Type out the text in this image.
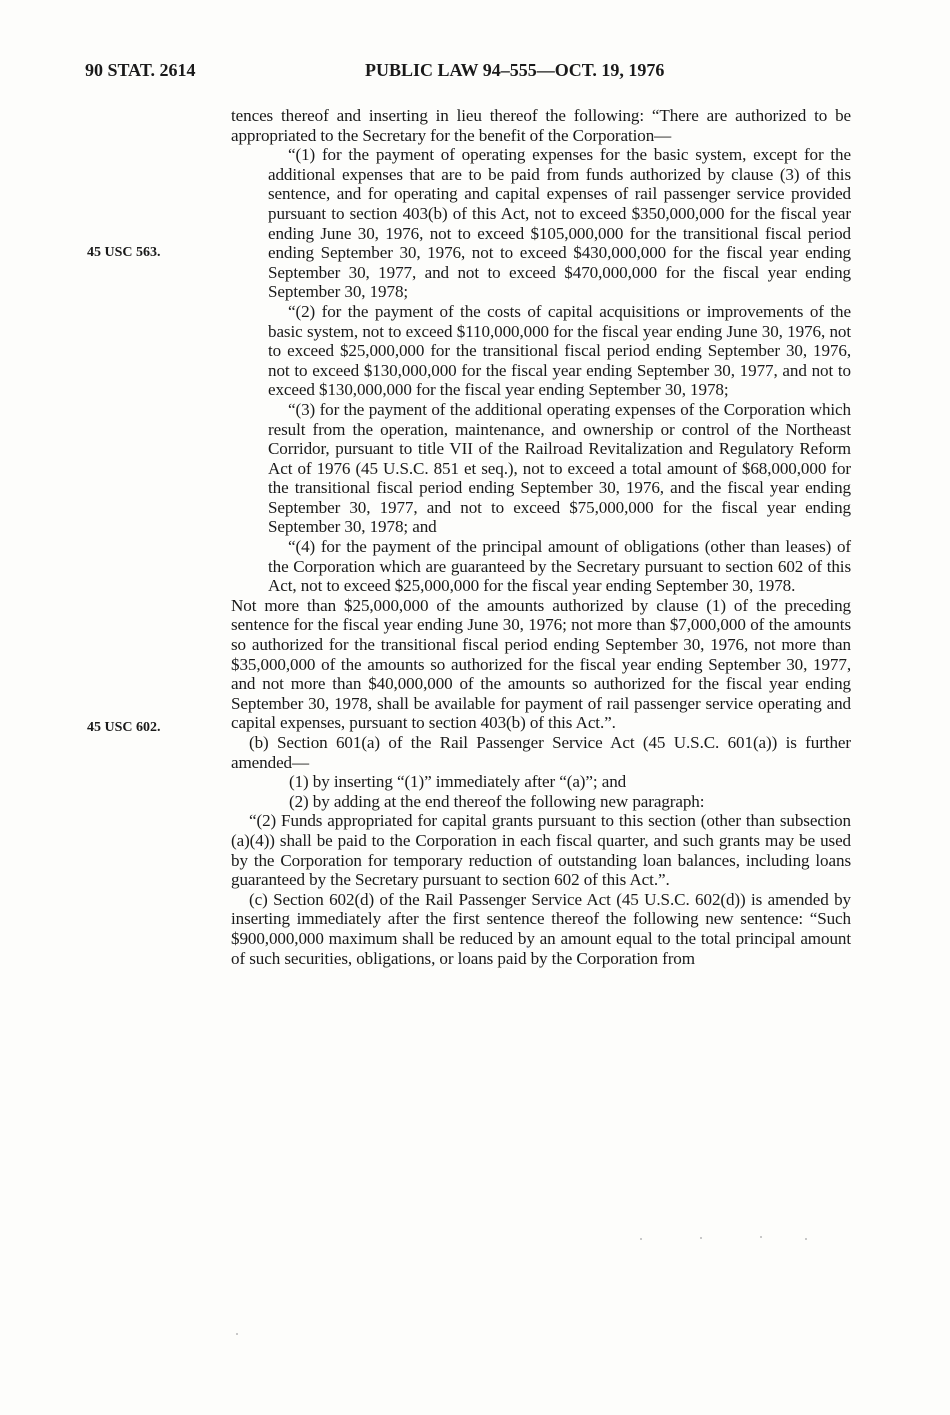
90 STAT. 2614	PUBLIC LAW 94–555—OCT. 19, 1976
45 USC 563.
45 USC 602.

tences thereof and inserting in lieu thereof the following: “There are authorized to be appropriated to the Secretary for the benefit of the Corporation—

“(1) for the payment of operating expenses for the basic system, except for the additional expenses that are to be paid from funds authorized by clause (3) of this sentence, and for operating and capital expenses of rail passenger service provided pursuant to section 403(b) of this Act, not to exceed $350,000,000 for the fiscal year ending June 30, 1976, not to exceed $105,000,000 for the transitional fiscal period ending September 30, 1976, not to exceed $430,000,000 for the fiscal year ending September 30, 1977, and not to exceed $470,000,000 for the fiscal year ending September 30, 1978;

“(2) for the payment of the costs of capital acquisitions or improvements of the basic system, not to exceed $110,000,000 for the fiscal year ending June 30, 1976, not to exceed $25,000,000 for the transitional fiscal period ending September 30, 1976, not to exceed $130,000,000 for the fiscal year ending September 30, 1977, and not to exceed $130,000,000 for the fiscal year ending September 30, 1978;

“(3) for the payment of the additional operating expenses of the Corporation which result from the operation, maintenance, and ownership or control of the Northeast Corridor, pursuant to title VII of the Railroad Revitalization and Regulatory Reform Act of 1976 (45 U.S.C. 851 et seq.), not to exceed a total amount of $68,000,000 for the transitional fiscal period ending September 30, 1976, and the fiscal year ending September 30, 1977, and not to exceed $75,000,000 for the fiscal year ending September 30, 1978; and

“(4) for the payment of the principal amount of obligations (other than leases) of the Corporation which are guaranteed by the Secretary pursuant to section 602 of this Act, not to exceed $25,000,000 for the fiscal year ending September 30, 1978.

Not more than $25,000,000 of the amounts authorized by clause (1) of the preceding sentence for the fiscal year ending June 30, 1976; not more than $7,000,000 of the amounts so authorized for the transitional fiscal period ending September 30, 1976, not more than $35,000,000 of the amounts so authorized for the fiscal year ending September 30, 1977, and not more than $40,000,000 of the amounts so authorized for the fiscal year ending September 30, 1978, shall be available for payment of rail passenger service operating and capital expenses, pursuant to section 403(b) of this Act.”.

(b) Section 601(a) of the Rail Passenger Service Act (45 U.S.C. 601(a)) is further amended—

(1) by inserting “(1)” immediately after “(a)”; and

(2) by adding at the end thereof the following new paragraph:

“(2) Funds appropriated for capital grants pursuant to this section (other than subsection (a)(4)) shall be paid to the Corporation in each fiscal quarter, and such grants may be used by the Corporation for temporary reduction of outstanding loan balances, including loans guaranteed by the Secretary pursuant to section 602 of this Act.”.

(c) Section 602(d) of the Rail Passenger Service Act (45 U.S.C. 602(d)) is amended by inserting immediately after the first sentence thereof the following new sentence: “Such $900,000,000 maximum shall be reduced by an amount equal to the total principal amount of such securities, obligations, or loans paid by the Corporation from
